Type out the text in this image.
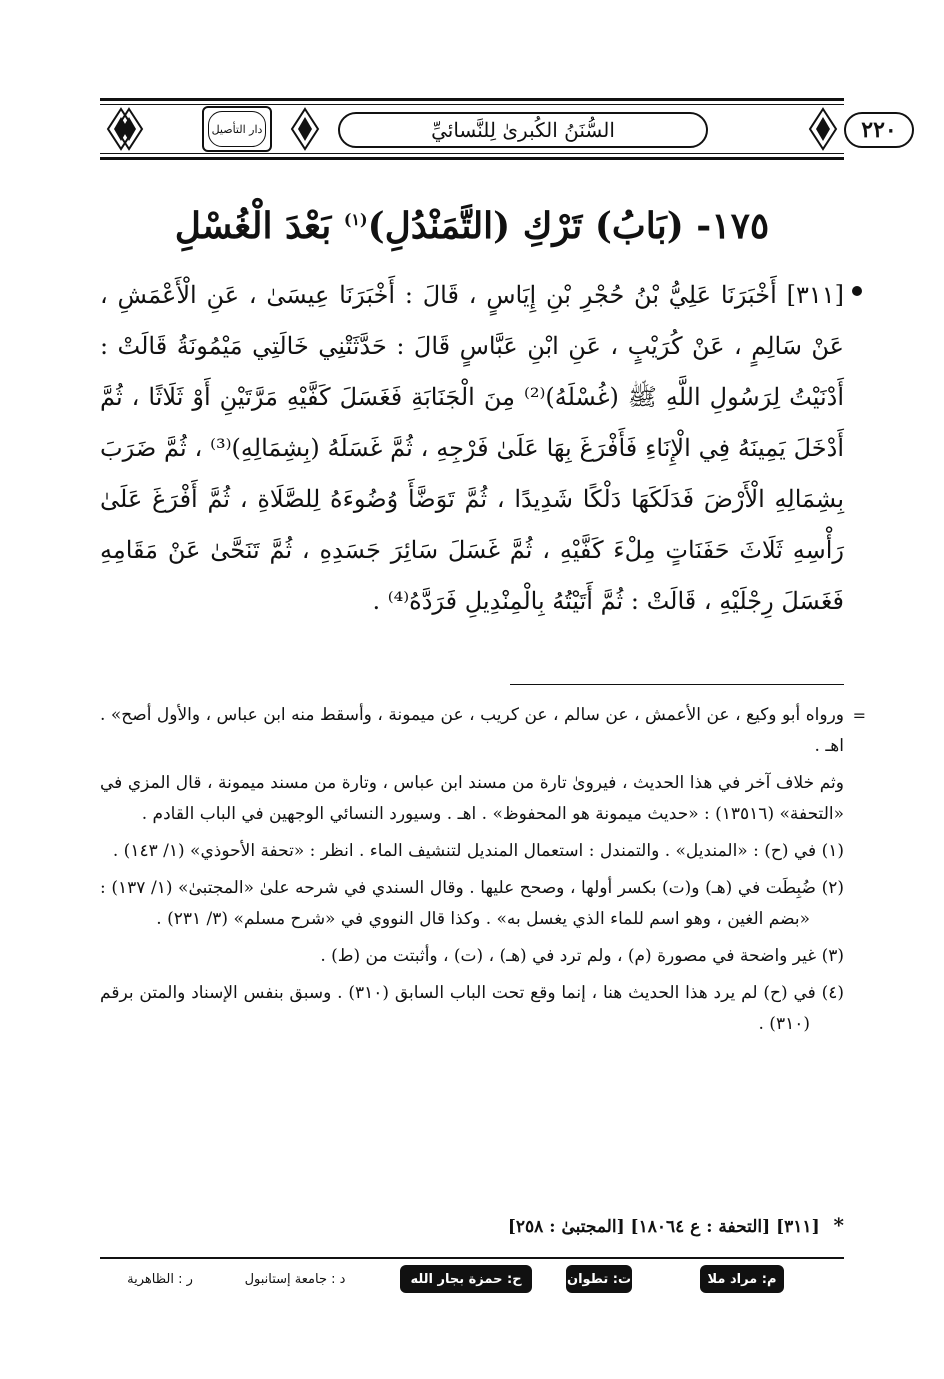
دار التأصيل	السُّنَنُ الكُبرىٰ لِلنَّسائيِّ	٢٢٠
١٧٥- (بَابُ) تَرْكِ (التَّمَنْدُلِ)$^{(١)}$ بَعْدَ الْغُسْلِ

[٣١١] أَخْبَرَنَا عَلِيُّ بْنُ حُجْرِ بْنِ إِيَاسٍ ، قَالَ : أَخْبَرَنَا عِيسَىٰ ، عَنِ الْأَعْمَشِ ، عَنْ سَالِمٍ ، عَنْ كُرَيْبٍ ، عَنِ ابْنِ عَبَّاسٍ قَالَ : حَدَّثَتْنِي خَالَتِي مَيْمُونَةُ قَالَتْ : أَدْنَيْتُ لِرَسُولِ اللَّهِ ﷺ (غُسْلَهُ)⁽²⁾ مِنَ الْجَنَابَةِ فَغَسَلَ كَفَّيْهِ مَرَّتَيْنِ أَوْ ثَلَاثًا ، ثُمَّ أَدْخَلَ يَمِينَهُ فِي الْإِنَاءِ فَأَفْرَغَ بِهَا عَلَىٰ فَرْجِهِ ، ثُمَّ غَسَلَهُ (بِشِمَالِهِ)⁽³⁾ ، ثُمَّ ضَرَبَ بِشِمَالِهِ الْأَرْضَ فَدَلَكَهَا دَلْكًا شَدِيدًا ، ثُمَّ تَوَضَّأَ وُضُوءَهُ لِلصَّلَاةِ ، ثُمَّ أَفْرَغَ عَلَىٰ رَأْسِهِ ثَلَاثَ حَفَنَاتٍ مِلْءَ كَفَّيْهِ ، ثُمَّ غَسَلَ سَائِرَ جَسَدِهِ ، ثُمَّ تَنَحَّىٰ عَنْ مَقَامِهِ فَغَسَلَ رِجْلَيْهِ ، قَالَتْ : ثُمَّ أَتَيْتُهُ بِالْمِنْدِيلِ فَرَدَّهُ⁽⁴⁾ .

=
ورواه أبو وكيع ، عن الأعمش ، عن سالم ، عن كريب ، عن ميمونة ، وأسقط منه ابن عباس ، والأول أصح» . اهـ .

وثم خلاف آخر في هذا الحديث ، فيروىٰ تارة من مسند ابن عباس ، وتارة من مسند ميمونة ، قال المزي في «التحفة» (١٣٥١٦) : «حديث ميمونة هو المحفوظ» . اهـ . وسيورد النسائي الوجهين في الباب القادم .

(١) في (ح) : «المنديل» . والتمندل : استعمال المنديل لتنشيف الماء . انظر : «تحفة الأحوذي» (١/ ١٤٣) .

(٢) ضُبِطَت في (هـ) و(ت) بكسر أولها ، وصحح عليها . وقال السندي في شرحه علىٰ «المجتبىٰ» (١/ ١٣٧) : «بضم الغين ، وهو اسم للماء الذي يغسل به» . وكذا قال النووي في «شرح مسلم» (٣/ ٢٣١) .

(٣) غير واضحة في مصورة (م) ، ولم ترد في (هـ) ، (ت) ، وأثبتت من (ط) .

(٤) في (ح) لم يرد هذا الحديث هنا ، إنما وقع تحت الباب السابق (٣١٠) . وسبق بنفس الإسناد والمتن برقم (٣١٠) .

* [٣١١] [التحفة : ع ١٨٠٦٤] [المجتبىٰ : ٢٥٨]
م: مراد ملا
ت: تطوان
ح: حمزة بجار الله
د : جامعة إستانبول
ر : الظاهرية
